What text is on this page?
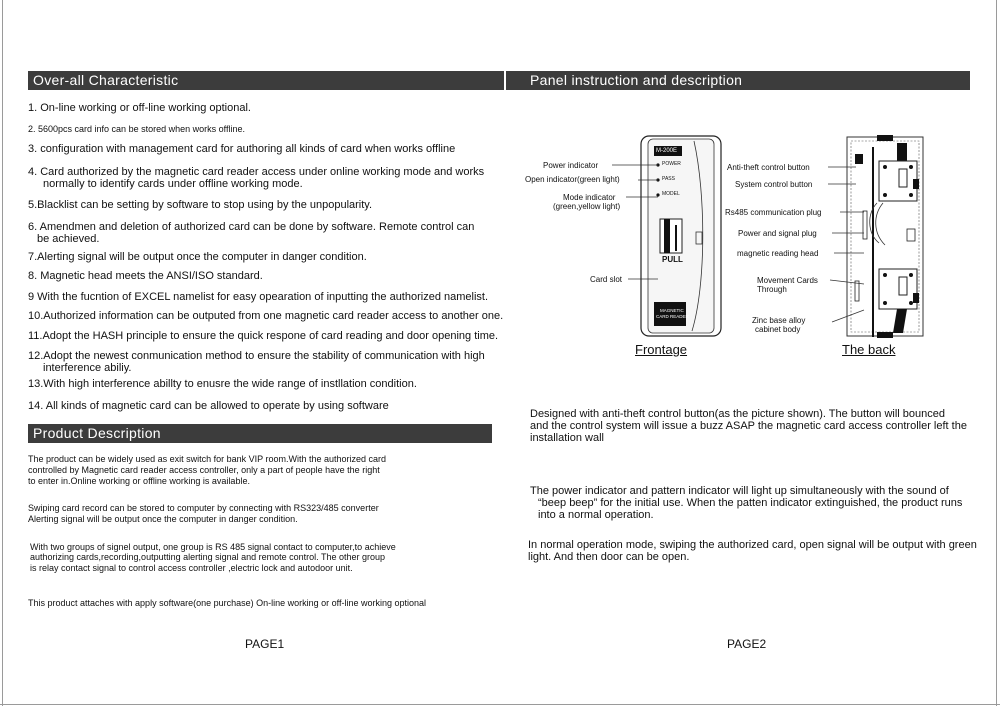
Over-all Characteristic
1. On-line working or off-line working optional.
2. 5600pcs card info can be stored when works offline.
3. configuration with management card for authoring all kinds of card when works offline
4. Card authorized by the magnetic card reader access under online working mode and works
normally to identify cards under offline working mode.
5.Blacklist can be setting by software to stop using by the unpopularity.
6. Amendmen and deletion of authorized card can be done by software. Remote control can
be achieved.
7.Alerting signal will be output once the computer in danger condition.
8. Magnetic head meets the ANSI/ISO standard.
9 With the fucntion of EXCEL namelist for easy opearation of inputting the authorized namelist.
10.Authorized information can be outputed from one magnetic card reader access to another one.
11.Adopt the HASH principle to ensure the quick respone of card reading and door opening time.
12.Adopt the newest conmunication method to ensure the stability of communication with high
interference abiliy.
13.With high interference abillty to enusre the wide range of instllation condition.
14. All kinds of magnetic card can be allowed to operate by using software
Product Description
The product can be widely used as exit switch for bank VIP room.With the authorized card
controlled by Magnetic card reader access controller, only a part of people have the right
to enter in.Online working or offline working is available.
Swiping card record can be stored to computer by connecting with RS323/485 converter
Alerting signal will be output once the computer in danger condition.
With two groups of signel output, one group is RS 485 signal contact to computer,to achieve
authorizing cards,recording,outputting alerting signal and remote control. The other group
is relay contact signal to control access controller ,electric lock and autodoor unit.
This product attaches with apply software(one purchase) On-line working or off-line working optional
PAGE1
Panel instruction and description
M-200E
POWER
PASS
MODEL
PULL
MAGNETIC
CARD READER
Power indicator
Open indicator(green light)
Mode indicator
(green,yellow light)
Card slot
Frontage
Anti-theft control button
System control button
Rs485 communication plug
Power and signal plug
magnetic reading head
Movement Cards
Through
Zinc base alloy
cabinet body
The back
Designed with anti-theft control button(as the picture shown). The button will bounced
and the control system will issue a buzz ASAP the magnetic card access controller left the
installation wall
The power indicator and pattern indicator will light up simultaneously with the sound of
“beep beep” for the initial use. When the patten indicator extinguished, the product runs
into a normal operation.
In normal operation mode, swiping the authorized card, open signal will be output with green
light. And then door can be open.
PAGE2
